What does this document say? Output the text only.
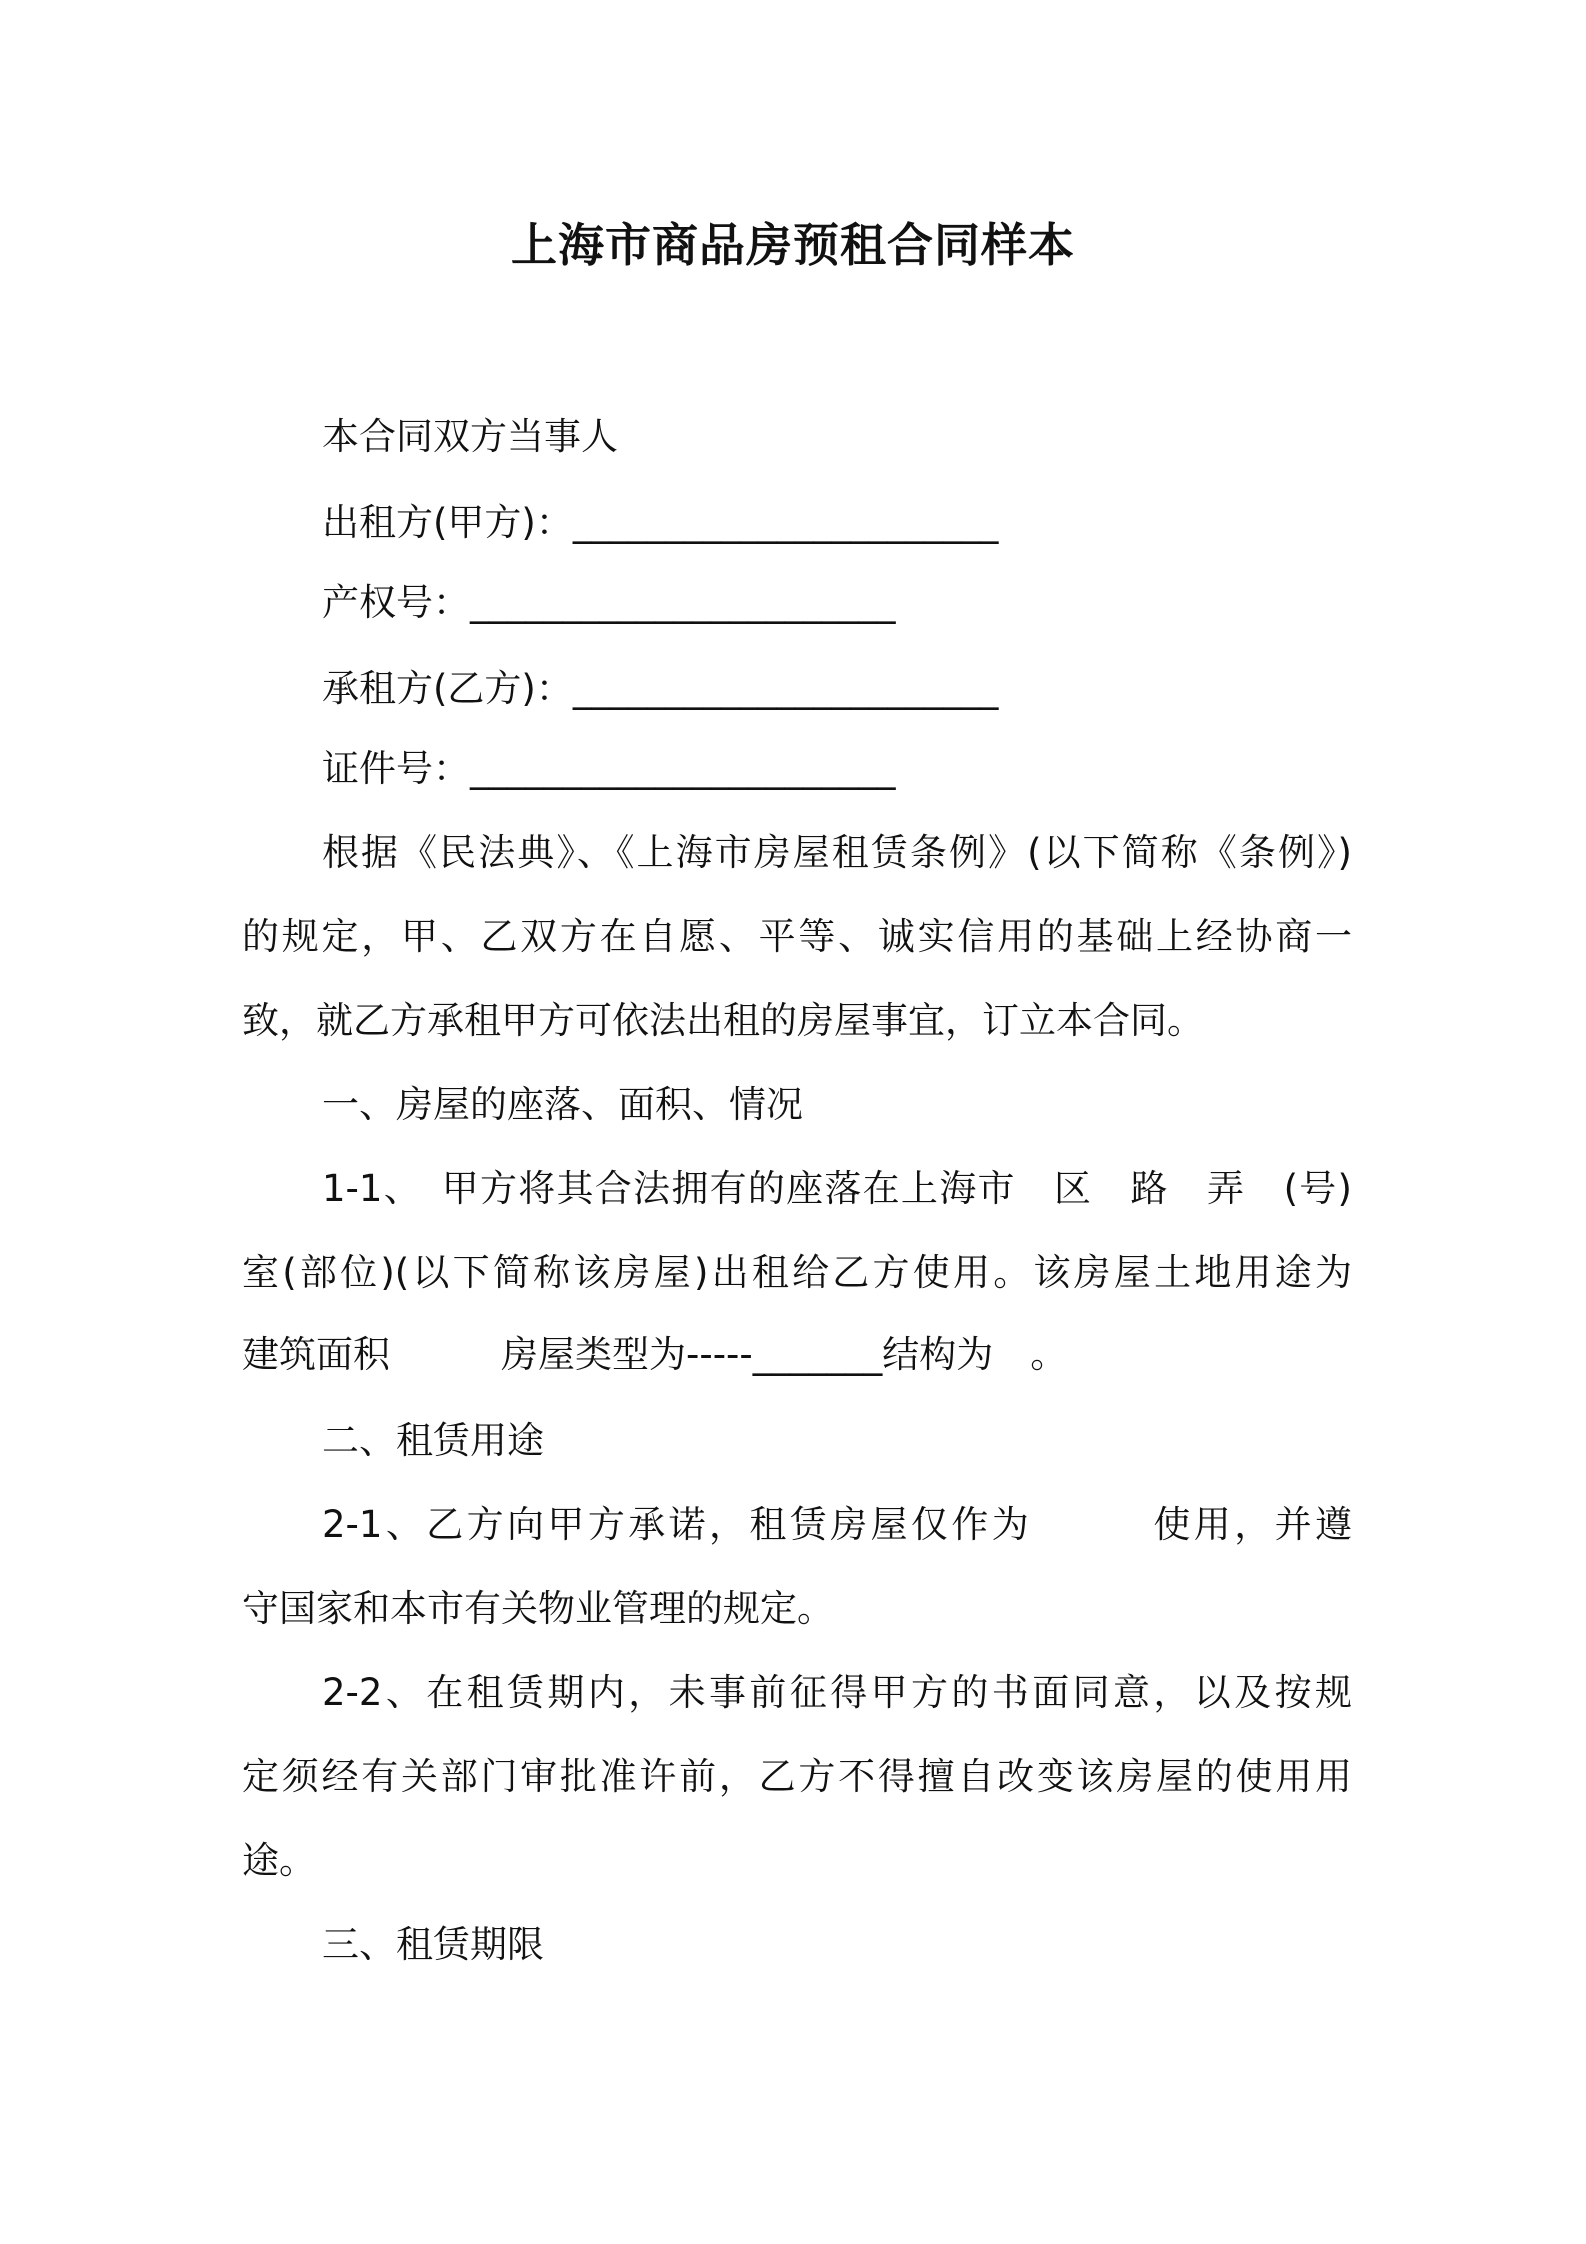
上海市商品房预租合同样本
本合同双方当事人
出租方(甲方)：_______________________
产权号：_______________________
承租方(乙方)：_______________________
证件号：_______________________
根据《民法典》、《上海市房屋租赁条例》(以下简称《条例》)
的规定，甲、乙双方在自愿、平等、诚实信用的基础上经协商一
致，就乙方承租甲方可依法出租的房屋事宜，订立本合同。
一、房屋的座落、面积、情况
1-1、　甲方将其合法拥有的座落在上海市　区　路　弄　(号)
室(部位)(以下简称该房屋)出租给乙方使用。该房屋土地用途为
建筑面积　　　房屋类型为-----_______结构为　。
二、租赁用途
2-1、乙方向甲方承诺，租赁房屋仅作为　　　使用，并遵
守国家和本市有关物业管理的规定。
2-2、在租赁期内，未事前征得甲方的书面同意，以及按规
定须经有关部门审批准许前，乙方不得擅自改变该房屋的使用用
途。
三、租赁期限
